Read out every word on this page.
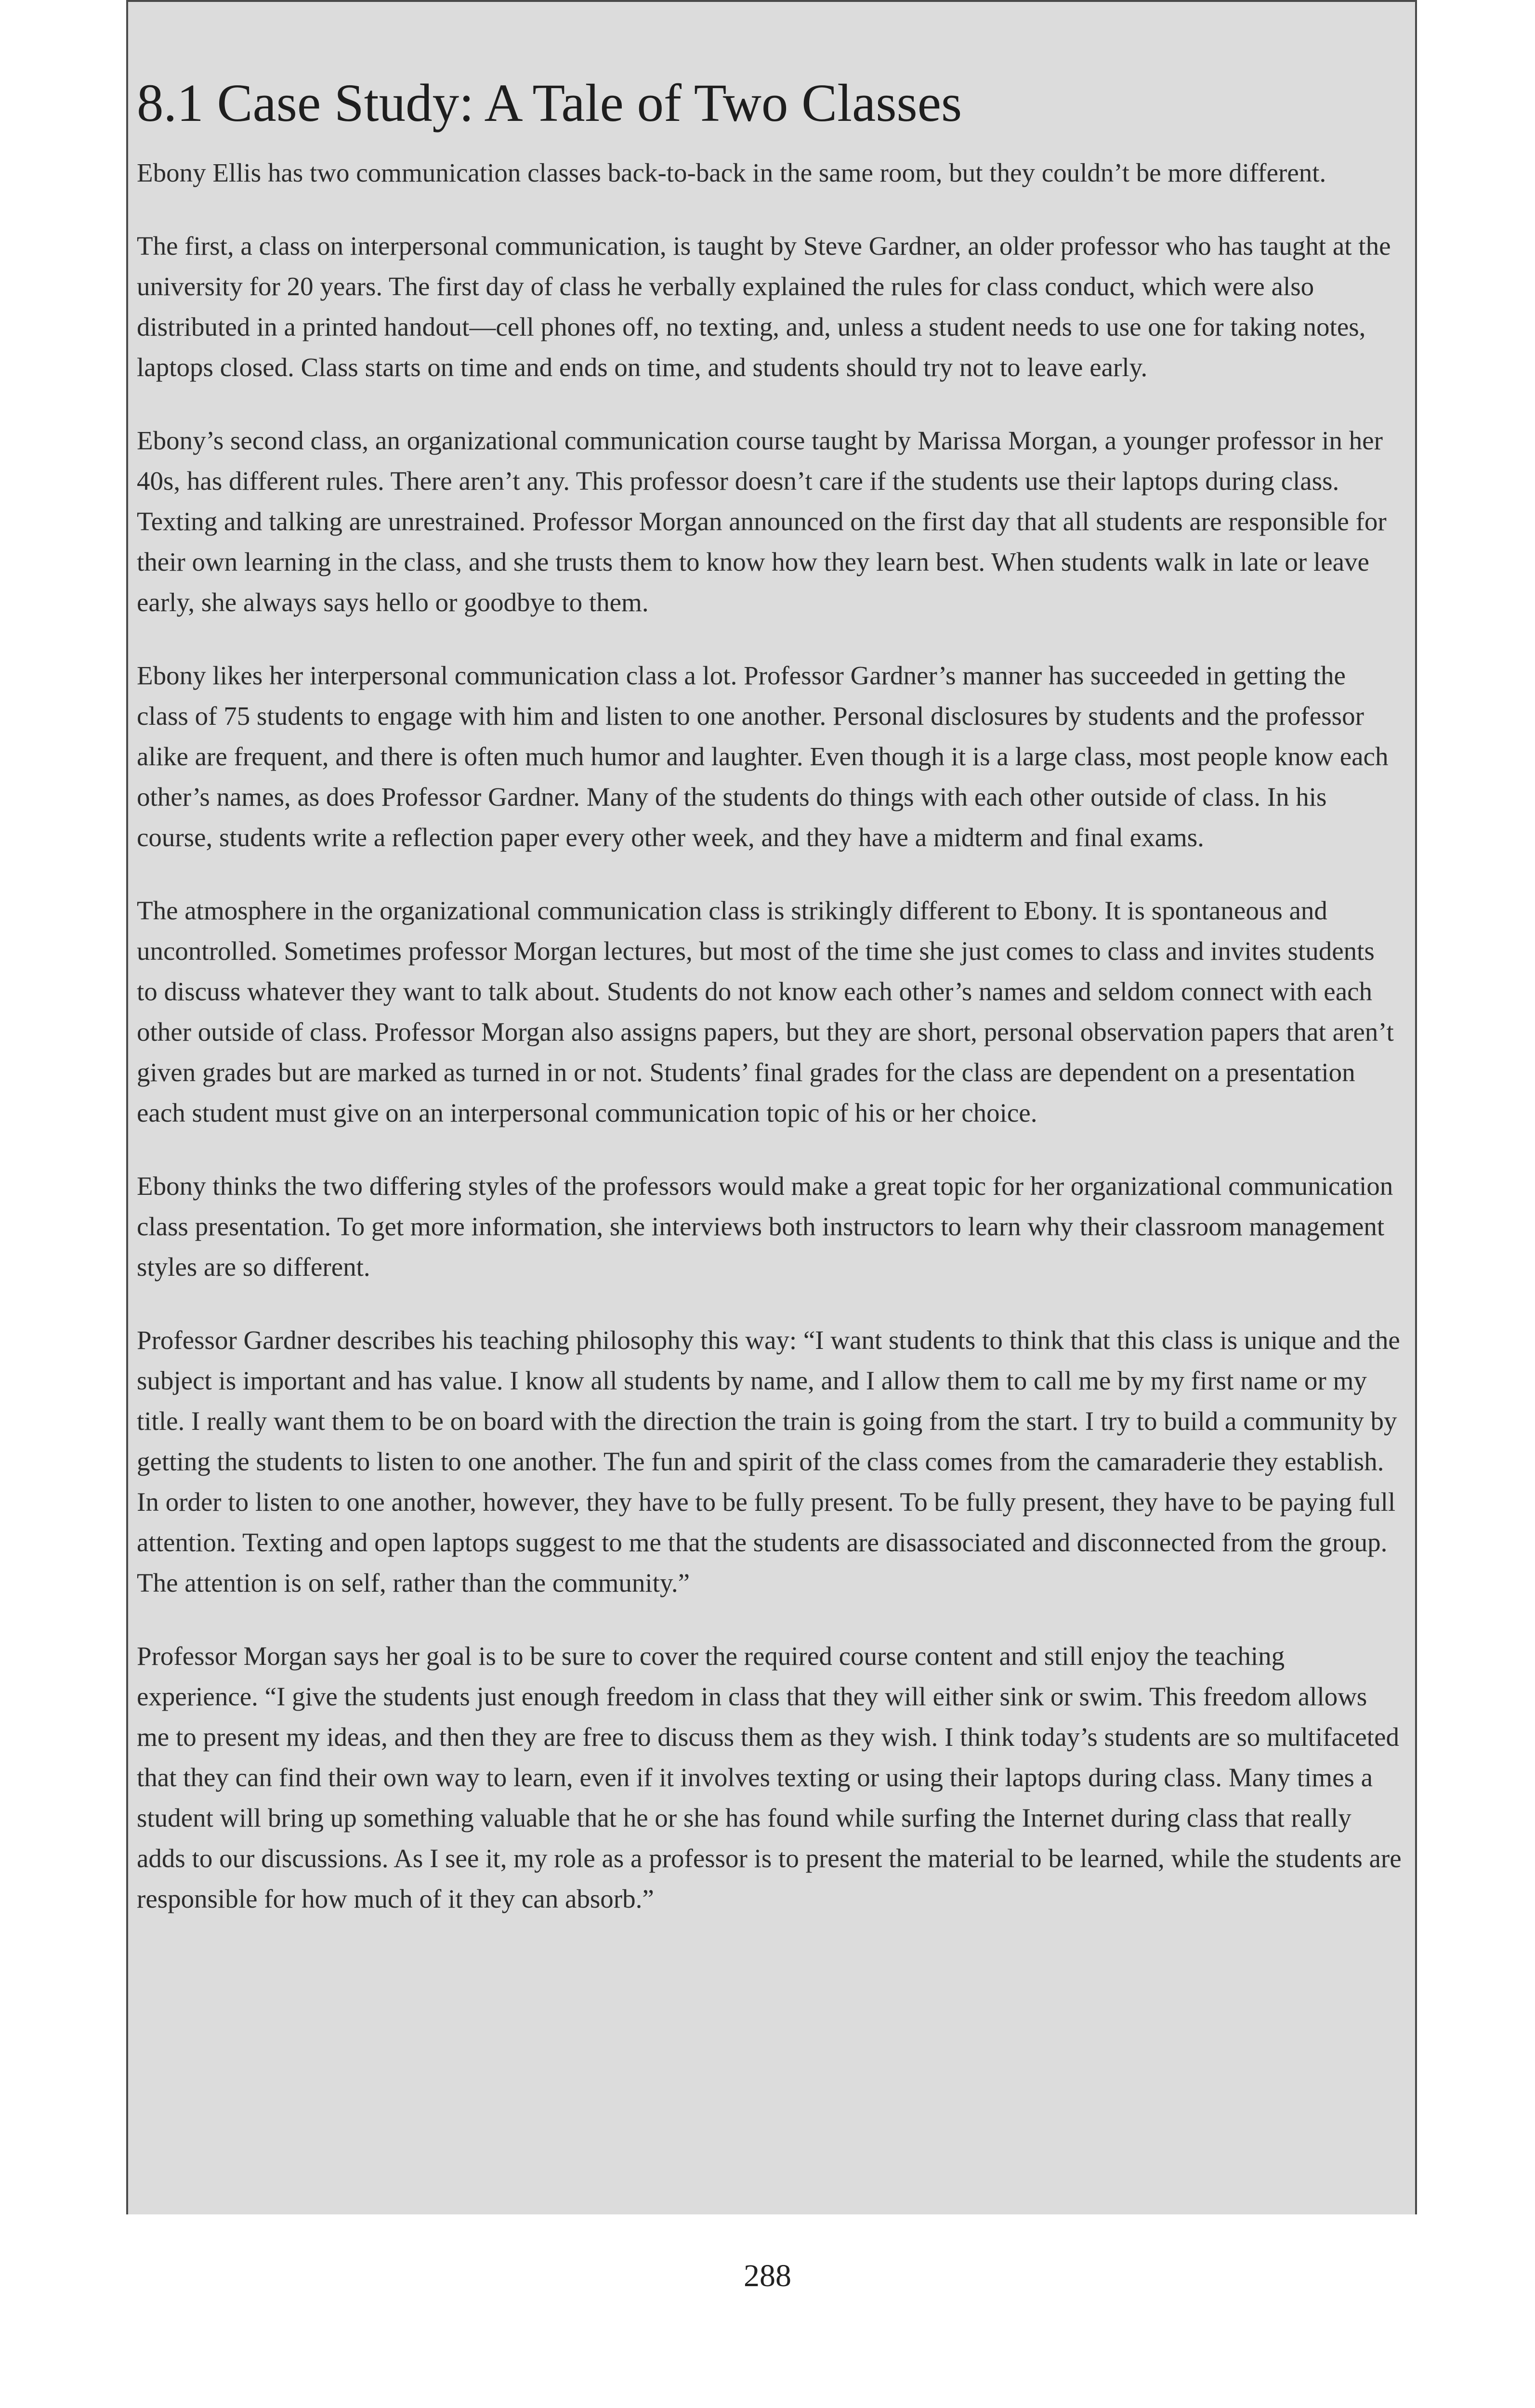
8.1 Case Study: A Tale of Two Classes

Ebony Ellis has two communication classes back-to-back in the same room, but they couldn’t be more different.

The first, a class on interpersonal communication, is taught by Steve Gardner, an older professor who has taught at the university for 20 years. The first day of class he verbally explained the rules for class conduct, which were also distributed in a printed handout—cell phones off, no texting, and, unless a student needs to use one for taking notes, laptops closed. Class starts on time and ends on time, and students should try not to leave early.

Ebony’s second class, an organizational communication course taught by Marissa Morgan, a younger professor in her 40s, has different rules. There aren’t any. This professor doesn’t care if the students use their laptops during class. Texting and talking are unrestrained. Professor Morgan announced on the first day that all students are responsible for their own learning in the class, and she trusts them to know how they learn best. When students walk in late or leave early, she always says hello or goodbye to them.

Ebony likes her interpersonal communication class a lot. Professor Gardner’s manner has succeeded in getting the class of 75 students to engage with him and listen to one another. Personal disclosures by students and the professor alike are frequent, and there is often much humor and laughter. Even though it is a large class, most people know each other’s names, as does Professor Gardner. Many of the students do things with each other outside of class. In his course, students write a reflection paper every other week, and they have a midterm and final exams.

The atmosphere in the organizational communication class is strikingly different to Ebony. It is spontaneous and uncontrolled. Sometimes professor Morgan lectures, but most of the time she just comes to class and invites students to discuss whatever they want to talk about. Students do not know each other’s names and seldom connect with each other outside of class. Professor Morgan also assigns papers, but they are short, personal observation papers that aren’t given grades but are marked as turned in or not. Students’ final grades for the class are dependent on a presentation each student must give on an interpersonal communication topic of his or her choice.

Ebony thinks the two differing styles of the professors would make a great topic for her organizational communication class presentation. To get more information, she interviews both instructors to learn why their classroom management styles are so different.

Professor Gardner describes his teaching philosophy this way: “I want students to think that this class is unique and the subject is important and has value. I know all students by name, and I allow them to call me by my first name or my title. I really want them to be on board with the direction the train is going from the start. I try to build a community by getting the students to listen to one another. The fun and spirit of the class comes from the camaraderie they establish. In order to listen to one another, however, they have to be fully present. To be fully present, they have to be paying full attention. Texting and open laptops suggest to me that the students are disassociated and disconnected from the group. The attention is on self, rather than the community.”

Professor Morgan says her goal is to be sure to cover the required course content and still enjoy the teaching experience. “I give the students just enough freedom in class that they will either sink or swim. This freedom allows me to present my ideas, and then they are free to discuss them as they wish. I think today’s students are so multifaceted that they can find their own way to learn, even if it involves texting or using their laptops during class. Many times a student will bring up something valuable that he or she has found while surfing the Internet during class that really adds to our discussions. As I see it, my role as a professor is to present the material to be learned, while the students are responsible for how much of it they can absorb.”

288
